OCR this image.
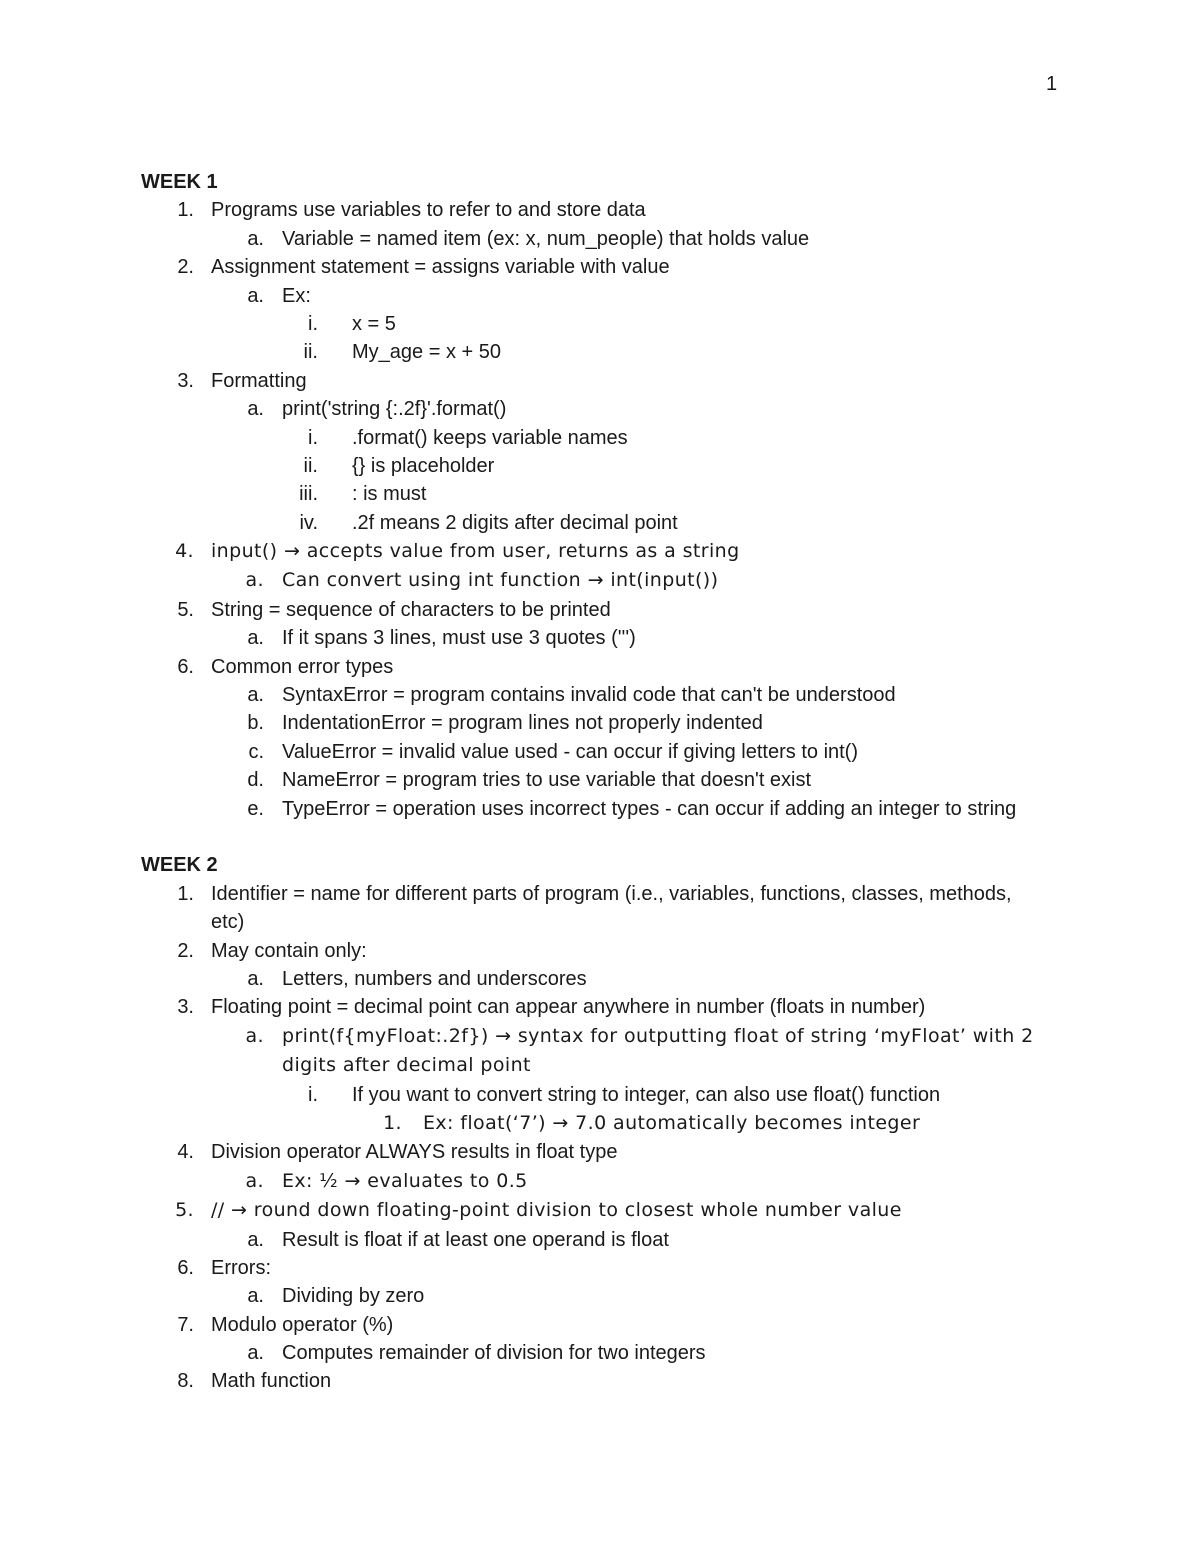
1
WEEK 1
1. Programs use variables to refer to and store data
a. Variable = named item (ex: x, num_people) that holds value
2. Assignment statement = assigns variable with value
a. Ex:
i. x = 5
ii. My_age = x + 50
3. Formatting
a. print('string {:.2f}'.format()
i. .format() keeps variable names
ii. {} is placeholder
iii. : is must
iv. .2f means 2 digits after decimal point
4. input() → accepts value from user, returns as a string
a. Can convert using int function → int(input())
5. String = sequence of characters to be printed
a. If it spans 3 lines, must use 3 quotes (''')
6. Common error types
a. SyntaxError = program contains invalid code that can't be understood
b. IndentationError = program lines not properly indented
c. ValueError = invalid value used - can occur if giving letters to int()
d. NameError = program tries to use variable that doesn't exist
e. TypeError = operation uses incorrect types - can occur if adding an integer to string
WEEK 2
1. Identifier = name for different parts of program (i.e., variables, functions, classes, methods, etc)
2. May contain only:
a. Letters, numbers and underscores
3. Floating point = decimal point can appear anywhere in number (floats in number)
a. print(f{myFloat:.2f}) → syntax for outputting float of string ‘myFloat’ with 2 digits after decimal point
i. If you want to convert string to integer, can also use float() function
1. Ex: float(‘7’) → 7.0 automatically becomes integer
4. Division operator ALWAYS results in float type
a. Ex: ½ → evaluates to 0.5
5. // → round down floating-point division to closest whole number value
a. Result is float if at least one operand is float
6. Errors:
a. Dividing by zero
7. Modulo operator (%)
a. Computes remainder of division for two integers
8. Math function
